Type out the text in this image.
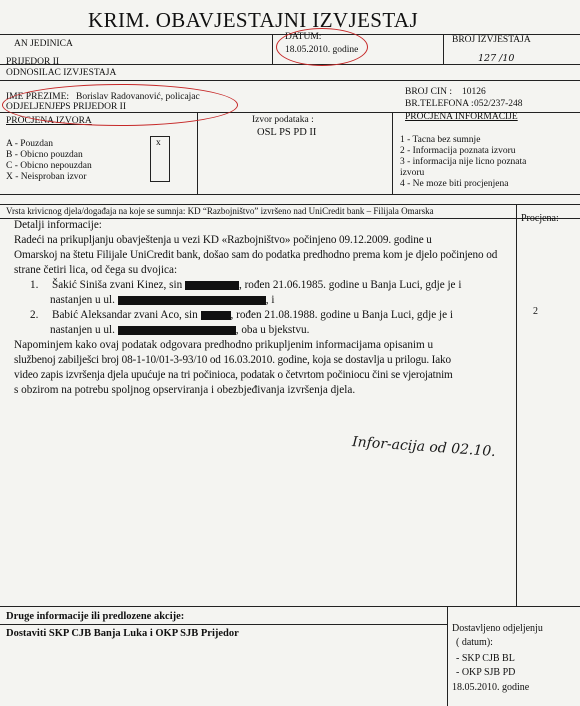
KRIM. OBAVJESTAJNI IZVJESTAJ
AN JEDINICA
PRIJEDOR II
DATUM:
18.05.2010. godine
BROJ IZVJESTAJA
127 /10
ODNOSILAC IZVJESTAJA
IME PREZIME: Borislav Radovanović, policajac
ODJELJENJE PS PRIJEDOR II
BROJ CIN : 10126
BR.TELEFONA : 052/237-248
PROCJENA IZVORA
A - Pouzdan	x
B - Obicno pouzdan
C - Obicno nepouzdan
X - Neisproban izvor
Izvor podataka :
OSL PS PD II
PROCJENA INFORMACIJE
1 - Tacna bez sumnje
2 - Informacija poznata izvoru
3 - informacija nije licno poznata
izvoru
4 - Ne moze biti procjenjena
Vrsta krivicnog djela/događaja na koje se sumnja: KD “Razbojništvo” izvršeno nad UniCredit bank – Filijala Omarska
Procjena:
2
Detalji informacije:
Radeći na prikupljanju obavještenja u vezi KD «Razbojništvo» počinjeno 09.12.2009. godine u
Omarskoj na štetu Filijale UniCredit bank, došao sam do podatka predhodno prema kom je djelo počinjeno od
strane četiri lica, od čega su dvojica:
1. Šakić Siniša zvani Kinez, sin	, rođen 21.06.1985. godine u Banja Luci, gdje je i
nastanjen u ul.	, i
2. Babić Aleksandar zvani Aco, sin	, rođen 21.08.1988. godine u Banja Luci, gdje je i
nastanjen u ul.	, oba u bjekstvu.
Napominjem kako ovaj podatak odgovara predhodno prikupljenim informacijama opisanim u
službenoj zabilješci broj 08-1-10/01-3-93/10 od 16.03.2010. godine, koja se dostavlja u prilogu. Iako
video zapis izvršenja djela upućuje na tri počinioca, podatak o četvrtom počiniocu čini se vjerojatnim
s obzirom na potrebu spoljnog opserviranja i obezbjeđivanja izvršenja djela.
Infor-acija od 02.10.
Druge informacije ili predlozene akcije:
Dostaviti SKP CJB Banja Luka i OKP SJB Prijedor	Dostavljeno odjeljenju
( datum):
- SKP CJB BL
- OKP SJB PD
18.05.2010. godine
